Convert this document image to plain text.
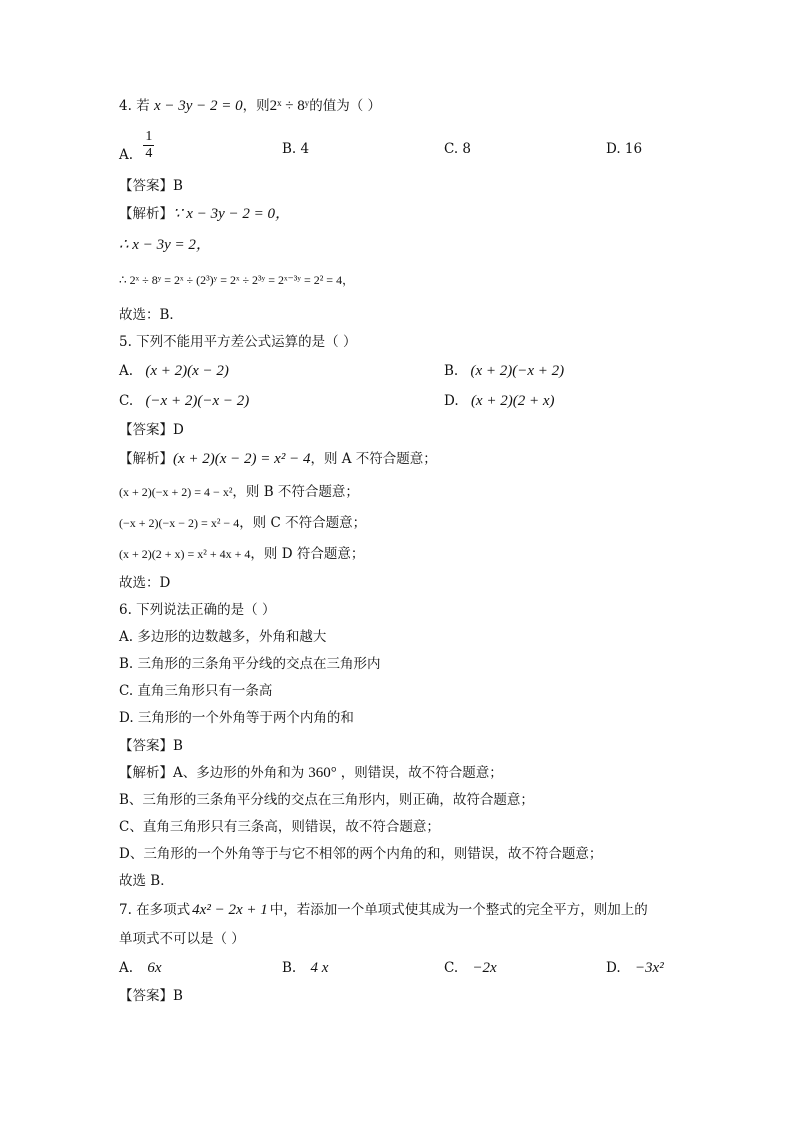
4. 若 x − 3y − 2 = 0，则2ˣ ÷ 8ʸ的值为（ ）
A. $\frac{1}{4}$	B. 4	C. 8	D. 16
【答案】B
【解析】∵ x − 3y − 2 = 0，
∴ x − 3y = 2，
∴ 2ˣ ÷ 8ʸ = 2ˣ ÷ (2³)ʸ = 2ˣ ÷ 2³ʸ = 2ˣ⁻³ʸ = 2² = 4，
故选：B．
5. 下列不能用平方差公式运算的是（ ）
A. (x + 2)(x − 2)	B. (x + 2)(−x + 2)
C. (−x + 2)(−x − 2)	D. (x + 2)(2 + x)
【答案】D
【解析】(x + 2)(x − 2) = x² − 4，则 A 不符合题意；
(x + 2)(−x + 2) = 4 − x²，则 B 不符合题意；
(−x + 2)(−x − 2) = x² − 4，则 C 不符合题意；
(x + 2)(2 + x) = x² + 4x + 4，则 D 符合题意；
故选：D
6. 下列说法正确的是（ ）
A. 多边形的边数越多，外角和越大
B. 三角形的三条角平分线的交点在三角形内
C. 直角三角形只有一条高
D. 三角形的一个外角等于两个内角的和
【答案】B
【解析】A、多边形的外角和为 360° ，则错误，故不符合题意；
B、三角形的三条角平分线的交点在三角形内，则正确，故符合题意；
C、直角三角形只有三条高，则错误，故不符合题意；
D、三角形的一个外角等于与它不相邻的两个内角的和，则错误，故不符合题意；
故选 B．
7. 在多项式 4x² − 2x + 1 中，若添加一个单项式使其成为一个整式的完全平方，则加上的
单项式不可以是（ ）
A. 6x	B. 4 x	C. −2x	D. −3x²
【答案】B
